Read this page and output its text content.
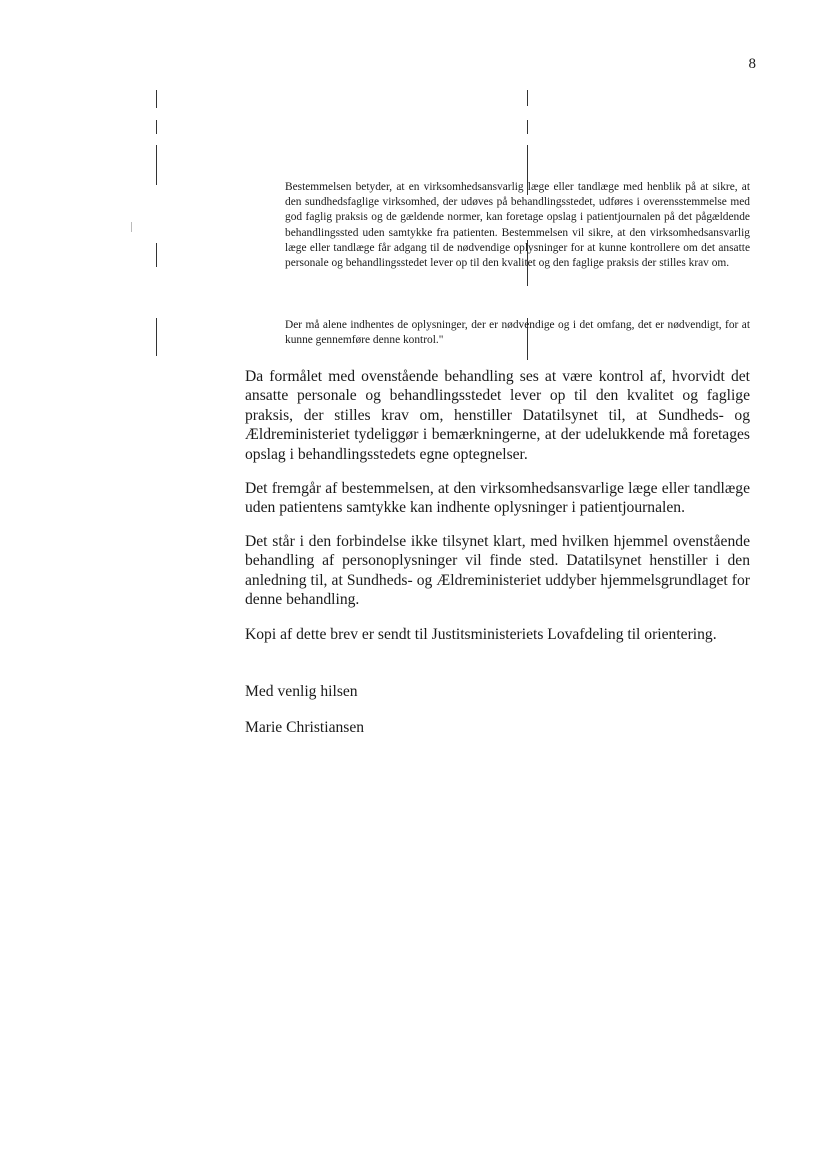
8

Bestemmelsen betyder, at en virksomhedsansvarlig læge eller tandlæge med henblik på at sikre, at den sundhedsfaglige virksomhed, der udøves på behandlingsstedet, udføres i overensstemmelse med god faglig praksis og de gældende normer, kan foretage opslag i patientjournalen på det pågældende behandlingssted uden samtykke fra patienten. Bestemmelsen vil sikre, at den virksomhedsansvarlig læge eller tandlæge får adgang til de nødvendige oplysninger for at kunne kontrollere om det ansatte personale og behandlingsstedet lever op til den kvalitet og den faglige praksis der stilles krav om.

Der må alene indhentes de oplysninger, der er nødvendige og i det omfang, det er nødvendigt, for at kunne gennemføre denne kontrol."

Da formålet med ovenstående behandling ses at være kontrol af, hvorvidt det ansatte personale og behandlingsstedet lever op til den kvalitet og faglige praksis, der stilles krav om, henstiller Datatilsynet til, at Sundheds- og Ældreministeriet tydeliggør i bemærkningerne, at der udelukkende må foretages opslag i behandlingsstedets egne optegnelser.

Det fremgår af bestemmelsen, at den virksomhedsansvarlige læge eller tandlæge uden patientens samtykke kan indhente oplysninger i patientjournalen.

Det står i den forbindelse ikke tilsynet klart, med hvilken hjemmel ovenstående behandling af personoplysninger vil finde sted. Datatilsynet henstiller i den anledning til, at Sundheds- og Ældreministeriet uddyber hjemmelsgrundlaget for denne behandling.

Kopi af dette brev er sendt til Justitsministeriets Lovafdeling til orientering.

Med venlig hilsen

Marie Christiansen
